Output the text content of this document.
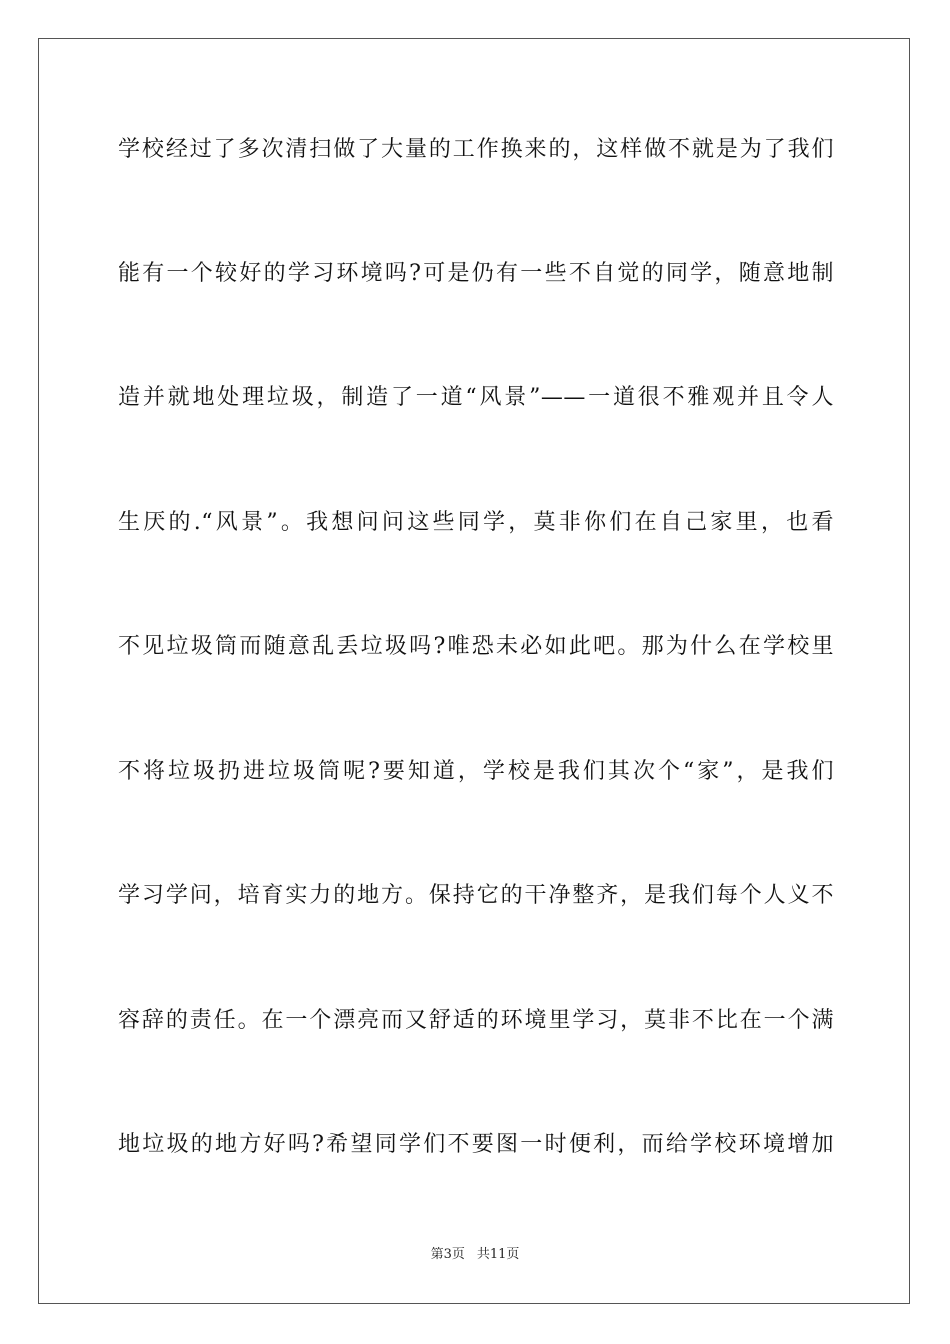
学校经过了多次清扫做了大量的工作换来的，这样做不就是为了我们
能有一个较好的学习环境吗?可是仍有一些不自觉的同学，随意地制
造并就地处理垃圾，制造了一道“风景”——一道很不雅观并且令人
生厌的.“风景”。我想问问这些同学，莫非你们在自己家里，也看
不见垃圾筒而随意乱丢垃圾吗?唯恐未必如此吧。那为什么在学校里
不将垃圾扔进垃圾筒呢?要知道，学校是我们其次个“家”，是我们
学习学问，培育实力的地方。保持它的干净整齐，是我们每个人义不
容辞的责任。在一个漂亮而又舒适的环境里学习，莫非不比在一个满
地垃圾的地方好吗?希望同学们不要图一时便利，而给学校环境增加
第3页 共11页
